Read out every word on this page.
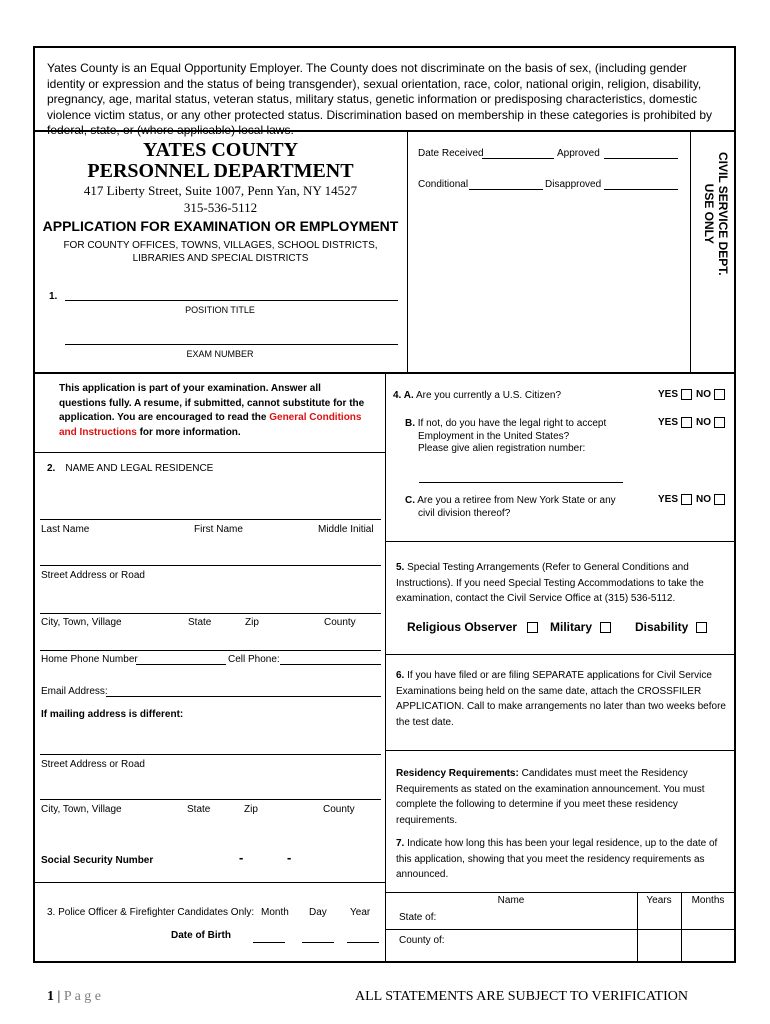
Yates County is an Equal Opportunity Employer. The County does not discriminate on the basis of sex, (including gender identity or expression and the status of being transgender), sexual orientation, race, color, national origin, religion, disability, pregnancy, age, marital status, veteran status, military status, genetic information or predisposing characteristics, domestic violence victim status, or any other protected status. Discrimination based on membership in these categories is prohibited by federal, state, or (where applicable) local laws.
YATES COUNTY
PERSONNEL DEPARTMENT
417 Liberty Street, Suite 1007, Penn Yan, NY 14527
315-536-5112
APPLICATION FOR EXAMINATION OR EMPLOYMENT
FOR COUNTY OFFICES, TOWNS, VILLAGES, SCHOOL DISTRICTS,
LIBRARIES AND SPECIAL DISTRICTS
1.
POSITION TITLE
EXAM NUMBER
Date Received	Approved
Conditional	Disapproved	CIVIL SERVICE DEPT.
USE ONLY
This application is part of your examination. Answer all questions fully. A resume, if submitted, cannot substitute for the application. You are encouraged to read the General Conditions and Instructions for more information.
2. NAME AND LEGAL RESIDENCE
Last Name	First Name	Middle Initial
Street Address or Road
City, Town, Village	State	Zip	County
Home Phone Number	Cell Phone:
Email Address:
If mailing address is different:
Street Address or Road
City, Town, Village	State	Zip	County
Social Security Number	-	-
3. Police Officer & Firefighter Candidates Only: Month Day Year
Date of Birth
4. A. Are you currently a U.S. Citizen?	YES NO
B. If not, do you have the legal right to accept
Employment in the United States?
Please give alien registration number:
YES NO
C. Are you a retiree from New York State or any
civil division thereof?
YES NO
5. Special Testing Arrangements (Refer to General Conditions and Instructions). If you need Special Testing Accommodations to take the examination, contact the Civil Service Office at (315) 536-5112.
Religious Observer	Military	Disability
6. If you have filed or are filing SEPARATE applications for Civil Service Examinations being held on the same date, attach the CROSSFILER APPLICATION. Call to make arrangements no later than two weeks before the test date.
Residency Requirements: Candidates must meet the Residency Requirements as stated on the examination announcement. You must complete the following to determine if you meet these residency requirements.
7. Indicate how long this has been your legal residence, up to the date of this application, showing that you meet the residency requirements as announced.
Name	Years	Months
State of:
County of:
1 | P a g e	ALL STATEMENTS ARE SUBJECT TO VERIFICATION
